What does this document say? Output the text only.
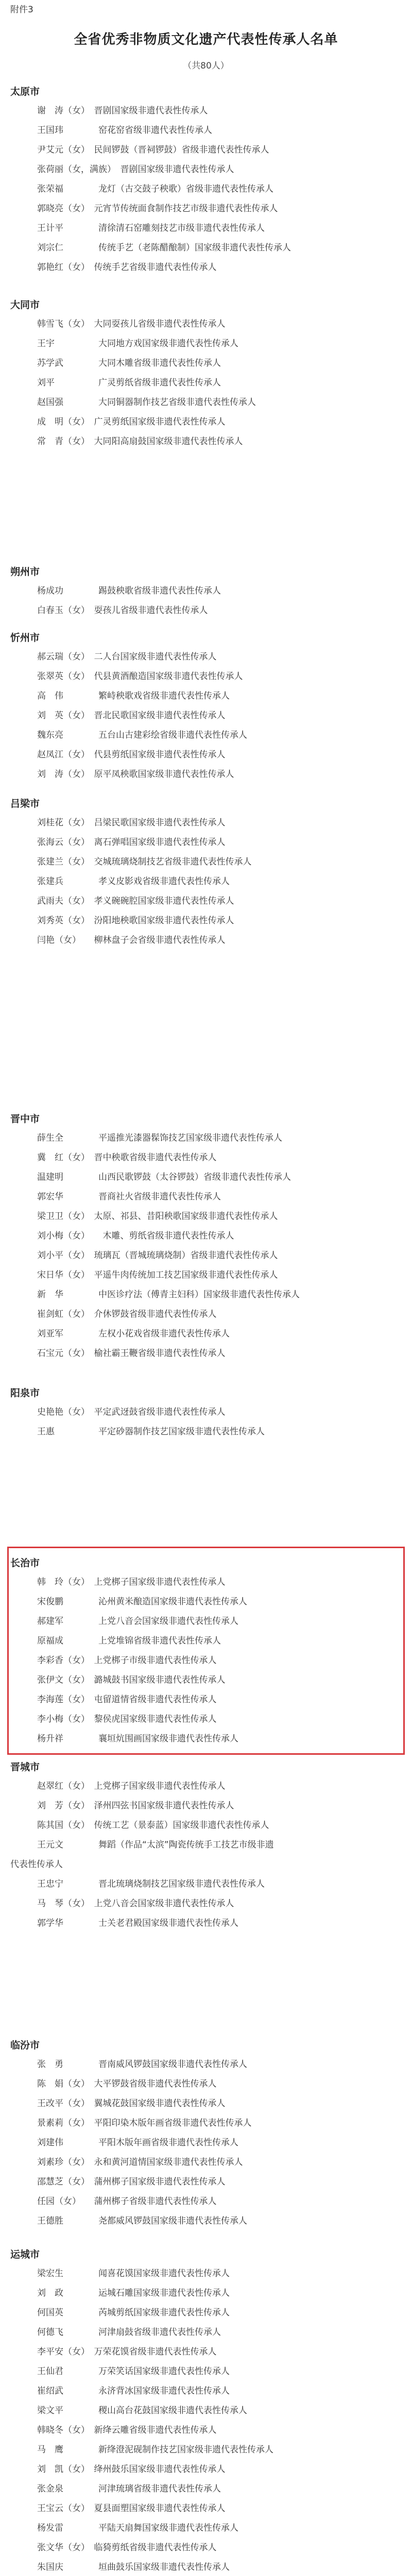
附件3
全省优秀非物质文化遗产代表性传承人名单
（共80人）
太原市
谢　涛（女）　晋剧国家级非遗代表性传承人
王国玮　　　　窑花窑省级非遗代表性传承人
尹艾元（女）　民间锣鼓（晋祠锣鼓）省级非遗代表性传承人
张荷丽（女，满族）　晋剧国家级非遗代表性传承人
张荣福　　　　龙灯（古交鼓子秧歌）省级非遗代表性传承人
郭晓亮（女）　元宵节传统面食制作技艺市级非遗代表性传承人
王计平　　　　清徐清石窑雕刻技艺市级非遗代表性传承人
刘宗仁　　　　传统手艺（老陈醋酿制）国家级非遗代表性传承人
郭艳红（女）　传统手艺省级非遗代表性传承人
大同市
韩雪飞（女）　大同耍孩儿省级非遗代表性传承人
王宇　　　　　大同地方戏国家级非遗代表性传承人
苏学武　　　　大同木雕省级非遗代表性传承人
刘平　　　　　广灵剪纸省级非遗代表性传承人
赵国强　　　　大同铜器制作技艺省级非遗代表性传承人
成　明（女）　广灵剪纸国家级非遗代表性传承人
常　青（女）　大同阳高扇鼓国家级非遗代表性传承人
朔州市
杨成功　　　　踢鼓秧歌省级非遗代表性传承人
白春玉（女）　耍孩儿省级非遗代表性传承人
忻州市
郝云瑞（女）　二人台国家级非遗代表性传承人
张翠英（女）　代县黄酒酿造国家级非遗代表性传承人
高　伟　　　　繁峙秧歌戏省级非遗代表性传承人
刘　英（女）　晋北民歌国家级非遗代表性传承人
魏东亮　　　　五台山古建彩绘省级非遗代表性传承人
赵凤江（女）　代县剪纸国家级非遗代表性传承人
刘　涛（女）　原平凤秧歌国家级非遗代表性传承人
吕梁市
刘桂花（女）　吕梁民歌国家级非遗代表性传承人
张海云（女）　离石弹唱国家级非遗代表性传承人
张建兰（女）　交城琉璃烧制技艺省级非遗代表性传承人
张建兵　　　　孝义皮影戏省级非遗代表性传承人
武雨夫（女）　孝义碗碗腔国家级非遗代表性传承人
刘秀英（女）　汾阳地秧歌国家级非遗代表性传承人
闫艳（女）　　柳林盘子会省级非遗代表性传承人
晋中市
薛生全　　　　平遥推光漆器髹饰技艺国家级非遗代表性传承人
冀　红（女）　晋中秧歌省级非遗代表性传承人
温建明　　　　山西民歌锣鼓（太谷锣鼓）省级非遗代表性传承人
郭宏华　　　　晋商社火省级非遗代表性传承人
梁卫卫（女）　太原、祁县、昔阳秧歌国家级非遗代表性传承人
刘小梅（女）　　木雕、剪纸省级非遗代表性传承人
刘小平（女）　琉璃瓦（晋城琉璃烧制）省级非遗代表性传承人
宋日华（女）　平遥牛肉传统加工技艺国家级非遗代表性传承人
新　华　　　　中医诊疗法（傅青主妇科）国家级非遗代表性传承人
崔剑虹（女）　介休锣鼓省级非遗代表性传承人
刘亚军　　　　左权小花戏省级非遗代表性传承人
石宝元（女）　榆社霸王鞭省级非遗代表性传承人
阳泉市
史艳艳（女）　平定武迓鼓省级非遗代表性传承人
王惠　　　　　平定砂器制作技艺国家级非遗代表性传承人
长治市
韩　玲（女）　上党梆子国家级非遗代表性传承人
宋俊鹏　　　　沁州黄米酿造国家级非遗代表性传承人
郝建军　　　　上党八音会国家级非遗代表性传承人
原福成　　　　上党堆锦省级非遗代表性传承人
李彩香（女）　上党梆子市级非遗代表性传承人
张伊文（女）　潞城鼓书国家级非遗代表性传承人
李海莲（女）　屯留道情省级非遗代表性传承人
李小梅（女）　黎侯虎国家级非遗代表性传承人
杨升祥　　　　襄垣炕围画国家级非遗代表性传承人
晋城市
赵翠红（女）　上党梆子国家级非遗代表性传承人
刘　芳（女）　泽州四弦书国家级非遗代表性传承人
陈其国（女）　传统工艺（景泰蓝）国家级非遗代表性传承人
王元文　　　　舞蹈（作品“太滨”陶瓷传统手工技艺市级非遗
代表性传承人
王忠宁　　　　晋北琉璃烧制技艺国家级非遗代表性传承人
马　琴（女）　上党八音会国家级非遗代表性传承人
郭学华　　　　士关老君殿国家级非遗代表性传承人
临汾市
张　勇　　　　晋南威风锣鼓国家级非遗代表性传承人
陈　娟（女）　大平锣鼓省级非遗代表性传承人
王改平（女）　翼城花鼓国家级非遗代表性传承人
景素莉（女）　平阳印染木版年画省级非遗代表性传承人
刘建伟　　　　平阳木版年画省级非遗代表性传承人
刘素珍（女）　永和黄河道情国家级非遗代表性传承人
邵慧芝（女）　蒲州梆子国家级非遗代表性传承人
任园（女）　　蒲州梆子省级非遗代表性传承人
王德胜　　　　尧都威风锣鼓国家级非遗代表性传承人
运城市
梁宏生　　　　闻喜花馍国家级非遗代表性传承人
刘　政　　　　运城石雕国家级非遗代表性传承人
何国英　　　　芮城剪纸国家级非遗代表性传承人
何德飞　　　　河津扇鼓省级非遗代表性传承人
李平安（女）　万荣花馍省级非遗代表性传承人
王仙君　　　　万荣笑话国家级非遗代表性传承人
崔绍武　　　　永济背冰国家级非遗代表性传承人
梁文平　　　　稷山高台花鼓国家级非遗代表性传承人
韩晓冬（女）　新绛云雕省级非遗代表性传承人
马　鹰　　　　新绛澄泥砚制作技艺国家级非遗代表性传承人
刘　凯（女）　绛州鼓乐国家级非遗代表性传承人
张金泉　　　　河津琉璃省级非遗代表性传承人
王宝云（女）　夏县面塑国家级非遗代表性传承人
杨发雷　　　　平陆天扇舞国家级非遗代表性传承人
张文华（女）　临猗剪纸省级非遗代表性传承人
朱国庆　　　　垣曲鼓乐国家级非遗代表性传承人
